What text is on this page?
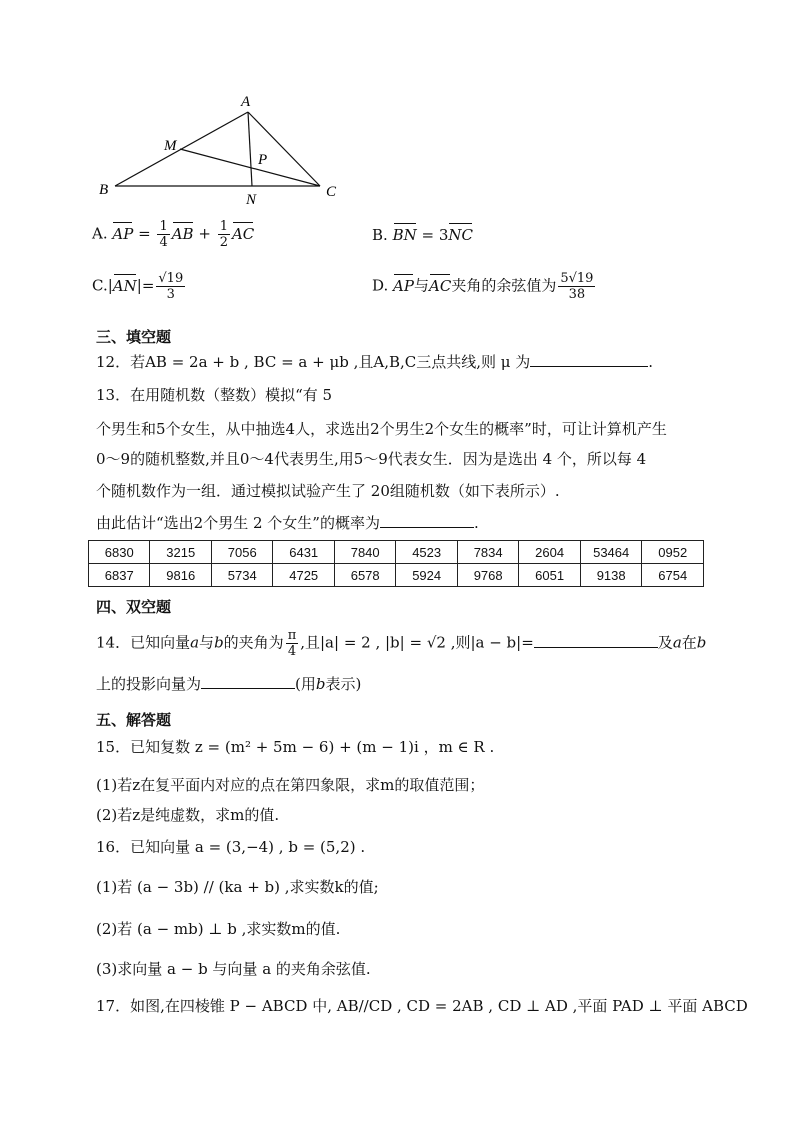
A
B	C
M
N
P
A. AP = $\frac{1}{4}$ AB + $\frac{1}{2}$ AC	B. BN = 3NC
$C.|AN|= \frac{√19}{3}$	D. AP与AC夹角的余弦值为 $\frac{5√19}{38}$
三、填空题
12．若AB = 2a + b , BC = a + μb ,且A,B,C三点共线,则 μ 为	.
13．在用随机数（整数）模拟“有 5
个男生和5个女生，从中抽选4人，求选出2个男生2个女生的概率”时，可让计算机产生
0～9的随机整数,并且0～4代表男生,用5～9代表女生．因为是选出 4 个，所以每 4
个随机数作为一组．通过模拟试验产生了 20组随机数（如下表所示）.
由此估计“选出2个男生 2 个女生”的概率为	.
6830	3215	7056	6431	7840	4523	7834	2604	53464	0952
6837	9816	5734	4725	6578	5924	9768	6051	9138	6754
四、双空题
14．已知向量a与b的夹角为 $\frac{\pi}{4}$ ,且|a| = 2 , |b| = √2 ,则|a − b|=	及a在b
上的投影向量为	(用b表示)
五、解答题
15．已知复数 z = (m² + 5m − 6) + (m − 1)i ，m ∈ R .
(1)若z在复平面内对应的点在第四象限，求m的取值范围；
(2)若z是纯虚数，求m的值.
16．已知向量 a = (3,−4) , b = (5,2) .
(1)若 (a − 3b) // (ka + b) ,求实数k的值;
(2)若 (a − mb) ⊥ b ,求实数m的值.
(3)求向量 a − b 与向量 a 的夹角余弦值.
17．如图,在四棱锥 P − ABCD 中, AB//CD , CD = 2AB , CD ⊥ AD ,平面 PAD ⊥ 平面 ABCD
